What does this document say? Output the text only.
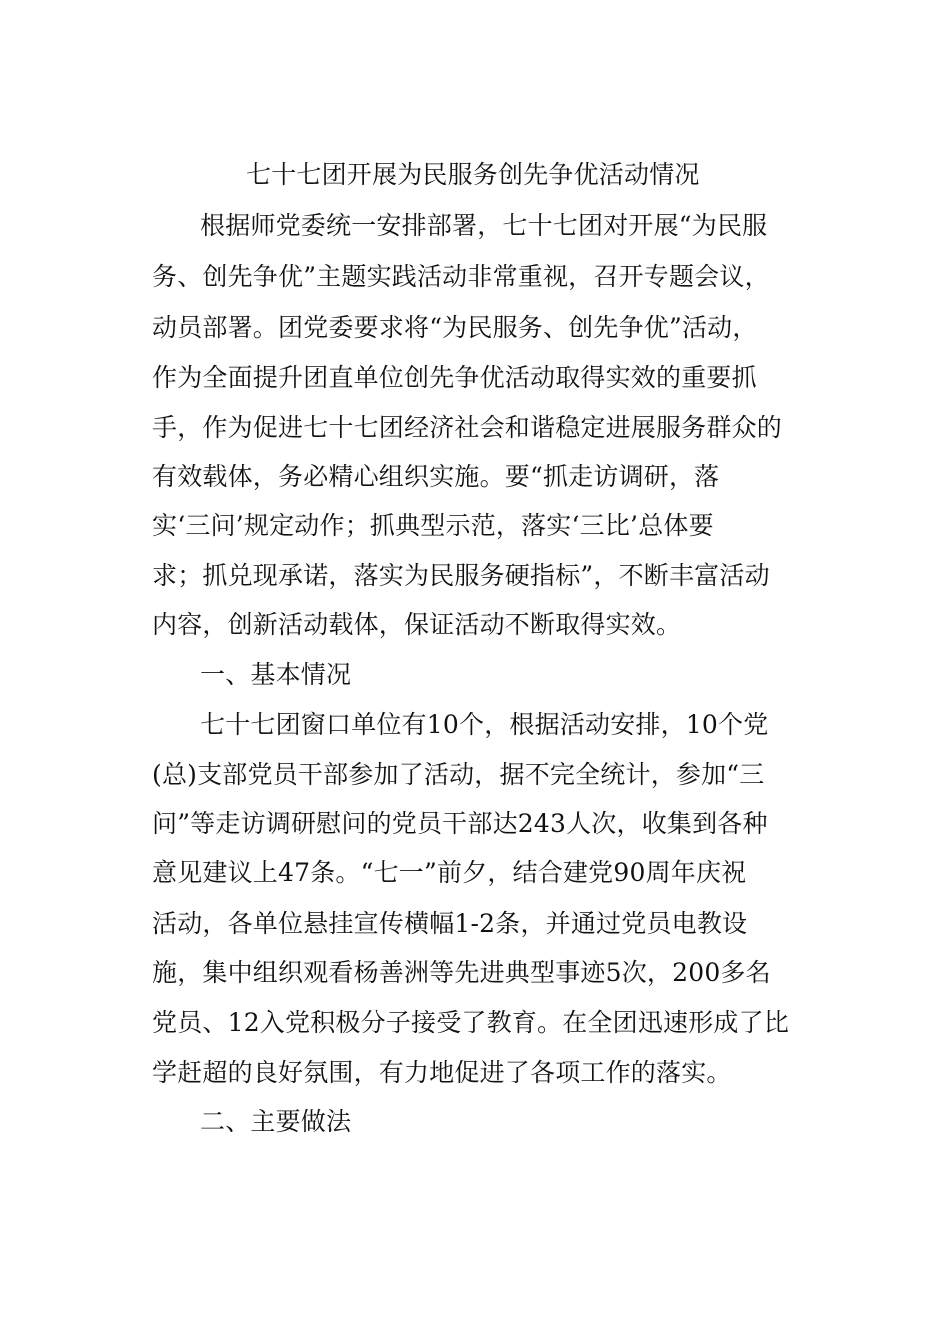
七十七团开展为民服务创先争优活动情况
根据师党委统一安排部署，七十七团对开展“为民服
务、创先争优”主题实践活动非常重视，召开专题会议，
动员部署。团党委要求将“为民服务、创先争优”活动，
作为全面提升团直单位创先争优活动取得实效的重要抓
手，作为促进七十七团经济社会和谐稳定进展服务群众的
有效载体，务必精心组织实施。要“抓走访调研，落
实‘三问’规定动作；抓典型示范，落实‘三比’总体要
求；抓兑现承诺，落实为民服务硬指标”，不断丰富活动
内容，创新活动载体，保证活动不断取得实效。
一、基本情况
七十七团窗口单位有10个，根据活动安排，10个党
(总)支部党员干部参加了活动，据不完全统计，参加“三
问”等走访调研慰问的党员干部达243人次，收集到各种
意见建议上47条。“七一”前夕，结合建党90周年庆祝
活动，各单位悬挂宣传横幅1-2条，并通过党员电教设
施，集中组织观看杨善洲等先进典型事迹5次，200多名
党员、12入党积极分子接受了教育。在全团迅速形成了比
学赶超的良好氛围，有力地促进了各项工作的落实。
二、主要做法
